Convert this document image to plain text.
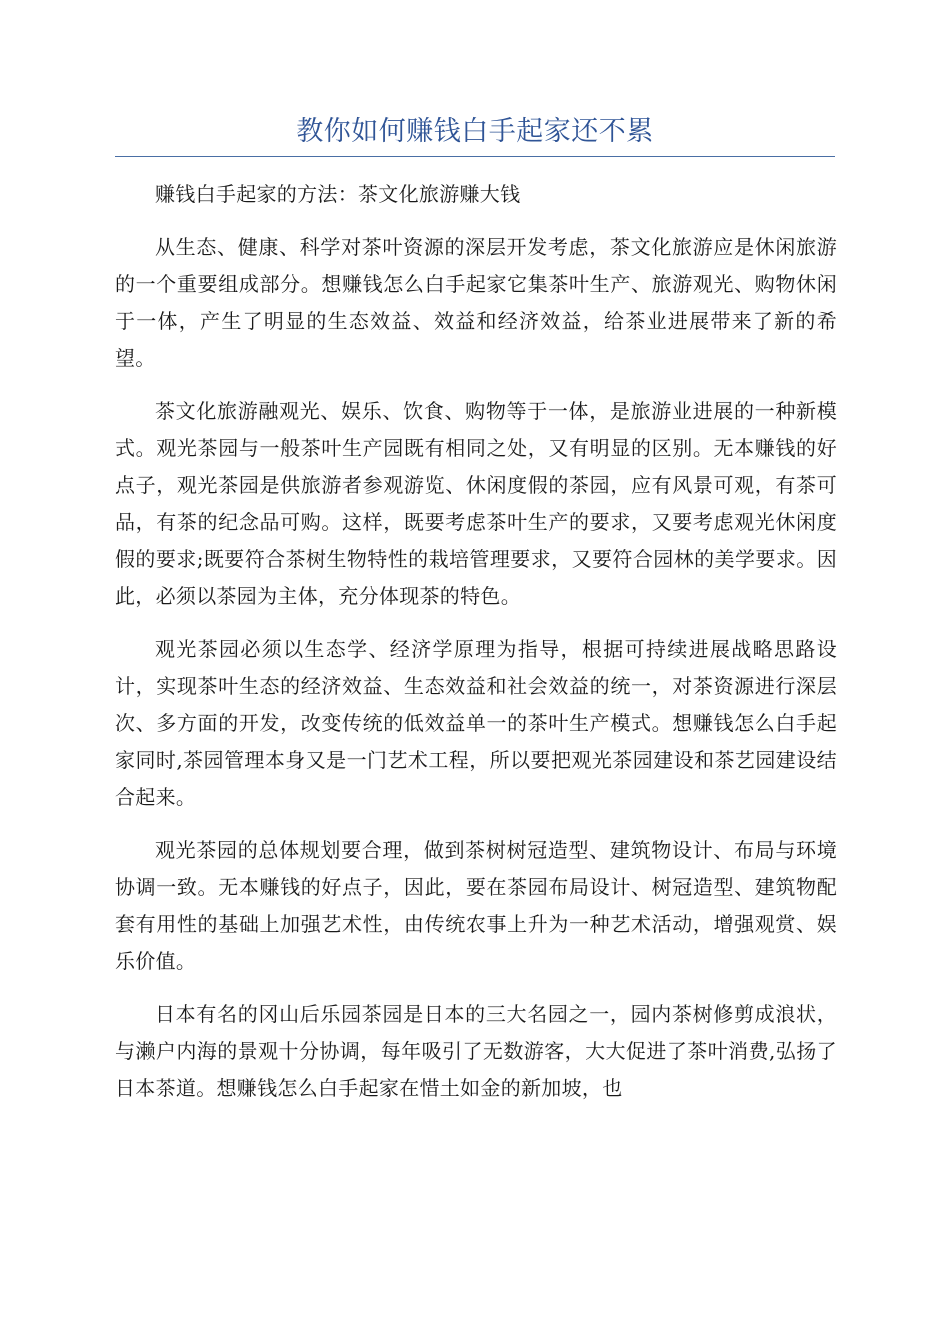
教你如何赚钱白手起家还不累

赚钱白手起家的方法：茶文化旅游赚大钱

从生态、健康、科学对茶叶资源的深层开发考虑，茶文化旅游应是休闲旅游的一个重要组成部分。想赚钱怎么白手起家它集茶叶生产、旅游观光、购物休闲于一体，产生了明显的生态效益、效益和经济效益，给茶业进展带来了新的希望。

茶文化旅游融观光、娱乐、饮食、购物等于一体，是旅游业进展的一种新模式。观光茶园与一般茶叶生产园既有相同之处，又有明显的区别。无本赚钱的好点子，观光茶园是供旅游者参观游览、休闲度假的茶园，应有风景可观，有茶可品，有茶的纪念品可购。这样，既要考虑茶叶生产的要求，又要考虑观光休闲度假的要求;既要符合茶树生物特性的栽培管理要求，又要符合园林的美学要求。因此，必须以茶园为主体，充分体现茶的特色。

观光茶园必须以生态学、经济学原理为指导，根据可持续进展战略思路设计，实现茶叶生态的经济效益、生态效益和社会效益的统一，对茶资源进行深层次、多方面的开发，改变传统的低效益单一的茶叶生产模式。想赚钱怎么白手起家同时,茶园管理本身又是一门艺术工程，所以要把观光茶园建设和茶艺园建设结合起来。

观光茶园的总体规划要合理，做到茶树树冠造型、建筑物设计、布局与环境协调一致。无本赚钱的好点子，因此，要在茶园布局设计、树冠造型、建筑物配套有用性的基础上加强艺术性，由传统农事上升为一种艺术活动，增强观赏、娱乐价值。

日本有名的冈山后乐园茶园是日本的三大名园之一，园内茶树修剪成浪状，与濑户内海的景观十分协调，每年吸引了无数游客，大大促进了茶叶消费,弘扬了日本茶道。想赚钱怎么白手起家在惜土如金的新加坡，也
